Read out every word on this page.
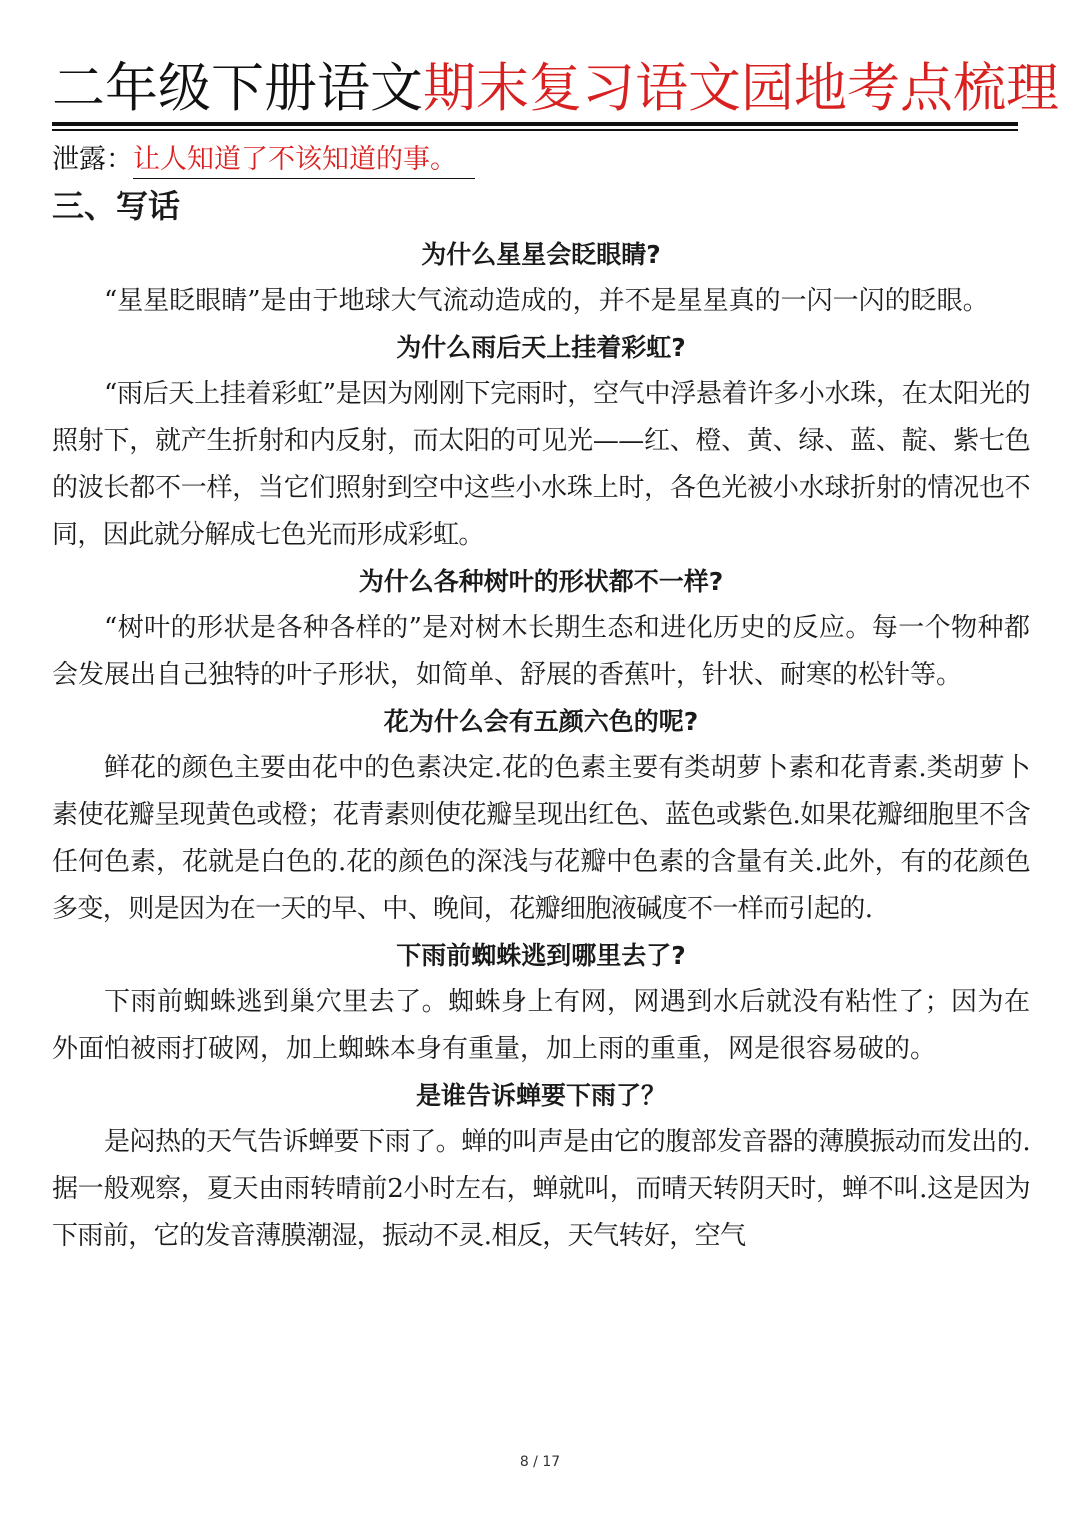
二年级下册语文期末复习语文园地考点梳理
泄露：让人知道了不该知道的事。
三、写话
为什么星星会眨眼睛?

“星星眨眼睛”是由于地球大气流动造成的，并不是星星真的一闪一闪的眨眼。

为什么雨后天上挂着彩虹?

“雨后天上挂着彩虹”是因为刚刚下完雨时，空气中浮悬着许多小水珠，在太阳光的照射下，就产生折射和内反射，而太阳的可见光——红、橙、黄、绿、蓝、靛、紫七色的波长都不一样，当它们照射到空中这些小水珠上时，各色光被小水球折射的情况也不同，因此就分解成七色光而形成彩虹。

为什么各种树叶的形状都不一样?

“树叶的形状是各种各样的”是对树木长期生态和进化历史的反应。每一个物种都会发展出自己独特的叶子形状，如简单、舒展的香蕉叶，针状、耐寒的松针等。

花为什么会有五颜六色的呢?

鲜花的颜色主要由花中的色素决定.花的色素主要有类胡萝卜素和花青素.类胡萝卜素使花瓣呈现黄色或橙；花青素则使花瓣呈现出红色、蓝色或紫色.如果花瓣细胞里不含任何色素，花就是白色的.花的颜色的深浅与花瓣中色素的含量有关.此外，有的花颜色多变，则是因为在一天的早、中、晚间，花瓣细胞液碱度不一样而引起的.

下雨前蜘蛛逃到哪里去了?

下雨前蜘蛛逃到巢穴里去了。蜘蛛身上有网，网遇到水后就没有粘性了；因为在外面怕被雨打破网，加上蜘蛛本身有重量，加上雨的重重，网是很容易破的。

是谁告诉蝉要下雨了？

是闷热的天气告诉蝉要下雨了。蝉的叫声是由它的腹部发音器的薄膜振动而发出的.据一般观察，夏天由雨转晴前2小时左右，蝉就叫，而晴天转阴天时，蝉不叫.这是因为下雨前，它的发音薄膜潮湿，振动不灵.相反，天气转好，空气

8 / 17
